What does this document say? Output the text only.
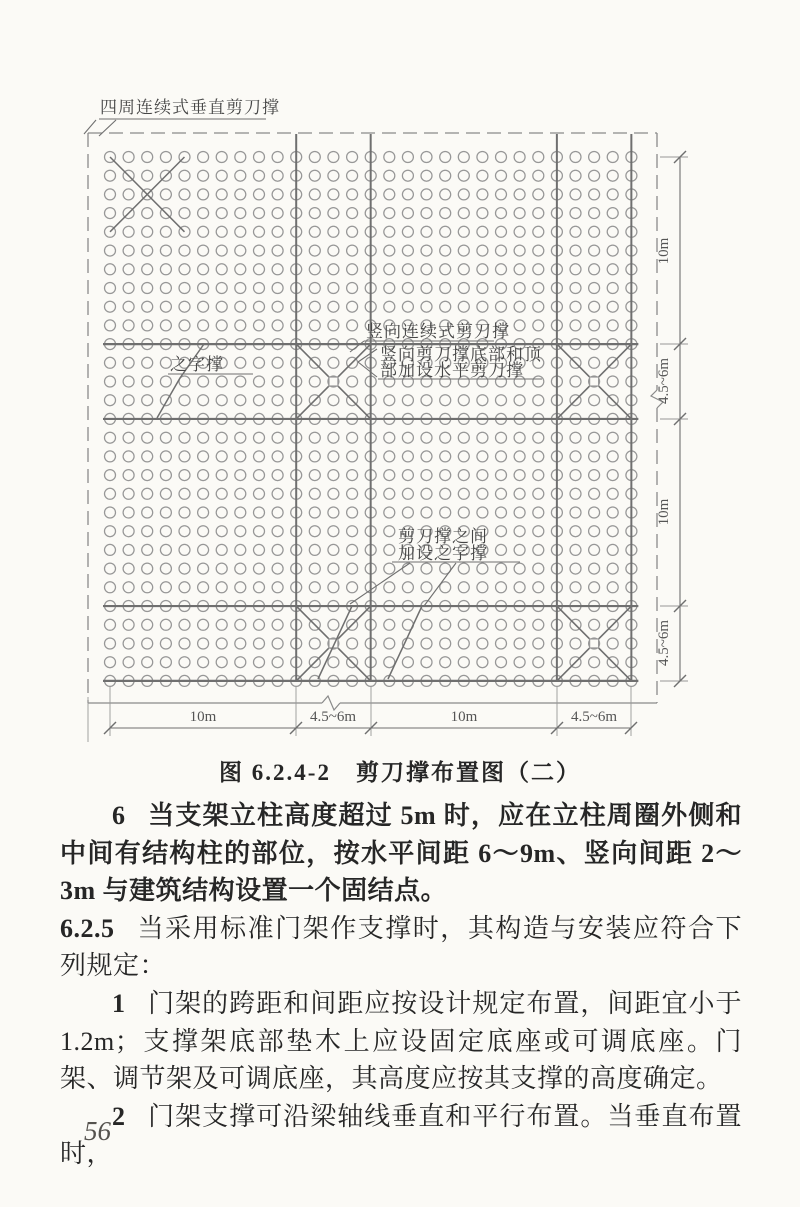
四周连续式垂直剪刀撑
之字撑
竖向连续式剪刀撑
竖向剪刀撑底部和顶
部加设水平剪刀撑
剪刀撑之间
加设之字撑
10m
4.5~6m
10m
4.5~6m
10m	4.5~6m	10m	4.5~6m
图 6.2.4-2　剪刀撑布置图（二）

6 当支架立柱高度超过 5m 时，应在立柱周圈外侧和中间有结构柱的部位，按水平间距 6～9m、竖向间距 2～3m 与建筑结构设置一个固结点。

6.2.5 当采用标准门架作支撑时，其构造与安装应符合下列规定：

1 门架的跨距和间距应按设计规定布置，间距宜小于 1.2m；支撑架底部垫木上应设固定底座或可调底座。门架、调节架及可调底座，其高度应按其支撑的高度确定。

2 门架支撑可沿梁轴线垂直和平行布置。当垂直布置时，

56
